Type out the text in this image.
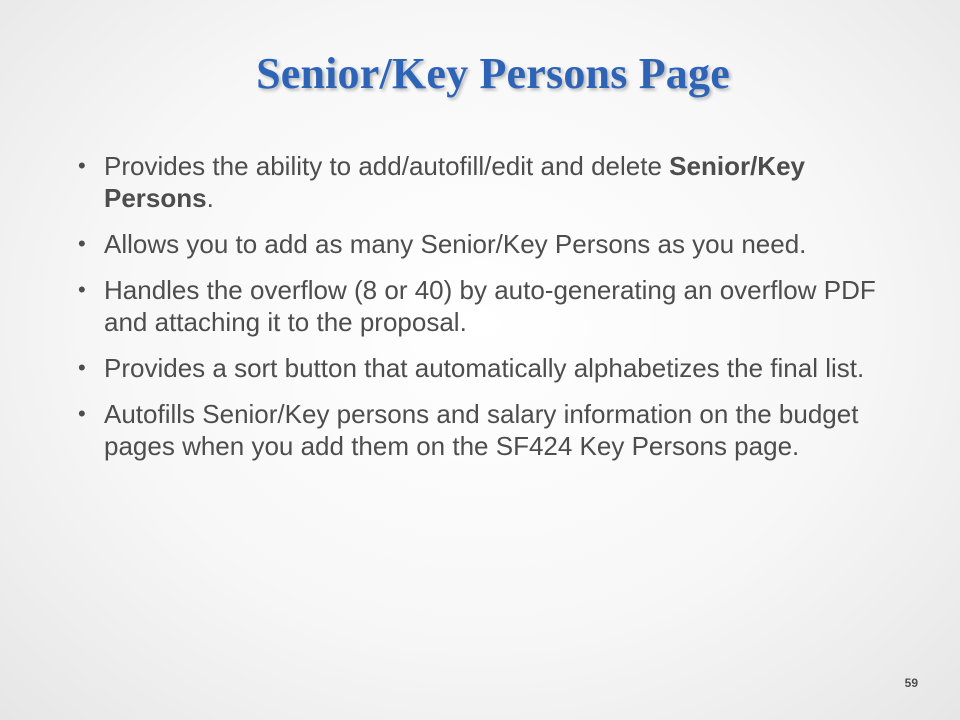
Senior/Key Persons Page
• Provides the ability to add/autofill/edit and delete Senior/Key Persons.
• Allows you to add as many Senior/Key Persons as you need.
• Handles the overflow (8 or 40) by auto-generating an overflow PDF and attaching it to the proposal.
• Provides a sort button that automatically alphabetizes the final list.
• Autofills Senior/Key persons and salary information on the budget pages when you add them on the SF424 Key Persons page.
59
